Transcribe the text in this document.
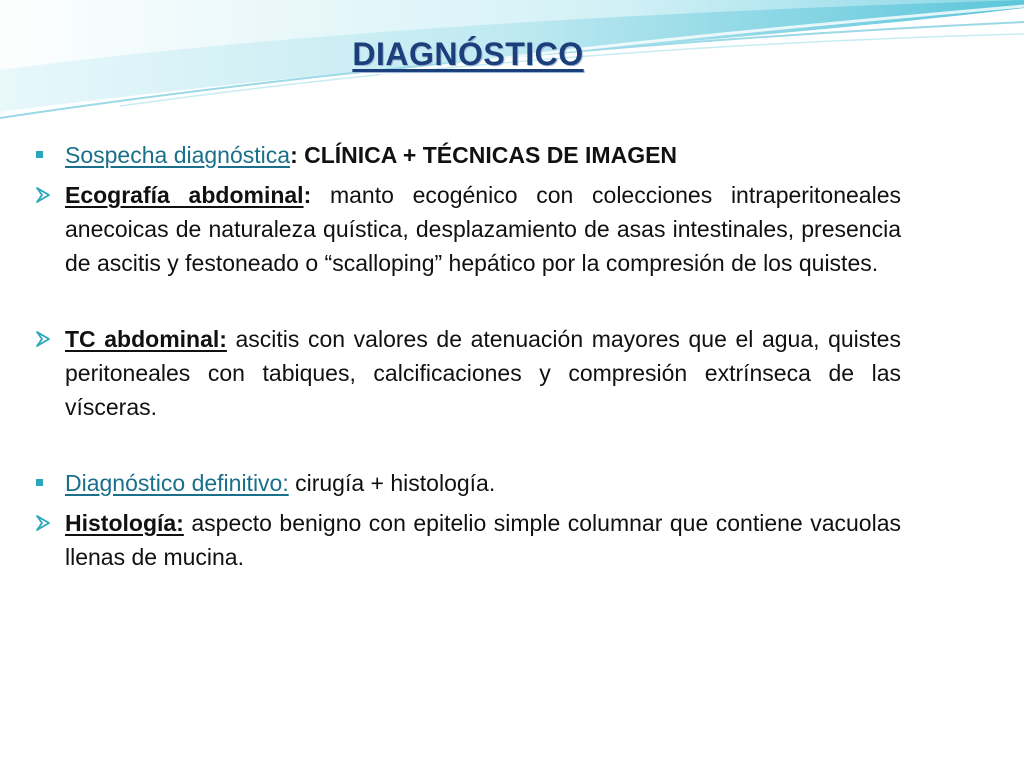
DIAGNÓSTICO
Sospecha diagnóstica: CLÍNICA + TÉCNICAS DE IMAGEN
Ecografía abdominal: manto ecogénico con colecciones intraperitoneales anecoicas de naturaleza quística, desplazamiento de asas intestinales, presencia de ascitis y festoneado o “scalloping” hepático por la compresión de los quistes.
TC abdominal: ascitis con valores de atenuación mayores que el agua, quistes peritoneales con tabiques, calcificaciones y compresión extrínseca de las vísceras.
Diagnóstico definitivo: cirugía + histología.
Histología: aspecto benigno con epitelio simple columnar que contiene vacuolas llenas de mucina.
